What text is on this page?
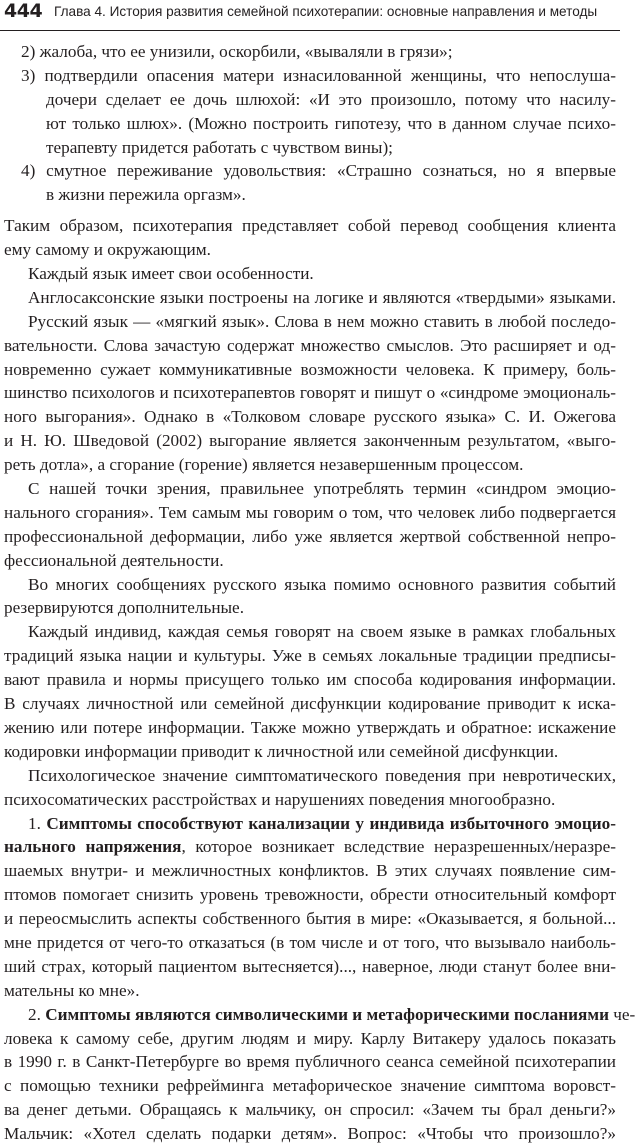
444 Глава 4. История развития семейной психотерапии: основные направления и методы
2) жалоба, что ее унизили, оскорбили, «вываляли в грязи»;
3) подтвердили опасения матери изнасилованной женщины, что непослуша-
дочери сделает ее дочь шлюхой: «И это произошло, потому что насилу-
ют только шлюх». (Можно построить гипотезу, что в данном случае психо-
терапевту придется работать с чувством вины);
4) смутное переживание удовольствия: «Страшно сознаться, но я впервые
в жизни пережила оргазм».
Таким образом, психотерапия представляет собой перевод сообщения клиента
ему самому и окружающим.
Каждый язык имеет свои особенности.
Англосаксонские языки построены на логике и являются «твердыми» языками.
Русский язык — «мягкий язык». Слова в нем можно ставить в любой последо-
вательности. Слова зачастую содержат множество смыслов. Это расширяет и од-
новременно сужает коммуникативные возможности человека. К примеру, боль-
шинство психологов и психотерапевтов говорят и пишут о «синдроме эмоциональ-
ного выгорания». Однако в «Толковом словаре русского языка» С. И. Ожегова
и Н. Ю. Шведовой (2002) выгорание является законченным результатом, «выго-
реть дотла», а сгорание (горение) является незавершенным процессом.
С нашей точки зрения, правильнее употреблять термин «синдром эмоцио-
нального сгорания». Тем самым мы говорим о том, что человек либо подвергается
профессиональной деформации, либо уже является жертвой собственной непро-
фессиональной деятельности.
Во многих сообщениях русского языка помимо основного развития событий
резервируются дополнительные.
Каждый индивид, каждая семья говорят на своем языке в рамках глобальных
традиций языка нации и культуры. Уже в семьях локальные традиции предписы-
вают правила и нормы присущего только им способа кодирования информации.
В случаях личностной или семейной дисфункции кодирование приводит к иска-
жению или потере информации. Также можно утверждать и обратное: искажение
кодировки информации приводит к личностной или семейной дисфункции.
Психологическое значение симптоматического поведения при невротических,
психосоматических расстройствах и нарушениях поведения многообразно.
1. Симптомы способствуют канализации у индивида избыточного эмоцио-
нального напряжения, которое возникает вследствие неразрешенных/неразре-
шаемых внутри- и межличностных конфликтов. В этих случаях появление сим-
птомов помогает снизить уровень тревожности, обрести относительный комфорт
и переосмыслить аспекты собственного бытия в мире: «Оказывается, я больной...
мне придется от чего-то отказаться (в том числе и от того, что вызывало наиболь-
ший страх, который пациентом вытесняется)..., наверное, люди станут более вни-
мательны ко мне».
2. Симптомы являются символическими и метафорическими посланиями че-
ловека к самому себе, другим людям и миру. Карлу Витакеру удалось показать
в 1990 г. в Санкт-Петербурге во время публичного сеанса семейной психотерапии
с помощью техники рефрейминга метафорическое значение симптома воровст-
ва денег детьми. Обращаясь к мальчику, он спросил: «Зачем ты брал деньги?»
Мальчик: «Хотел сделать подарки детям». Вопрос: «Чтобы что произошло?»
